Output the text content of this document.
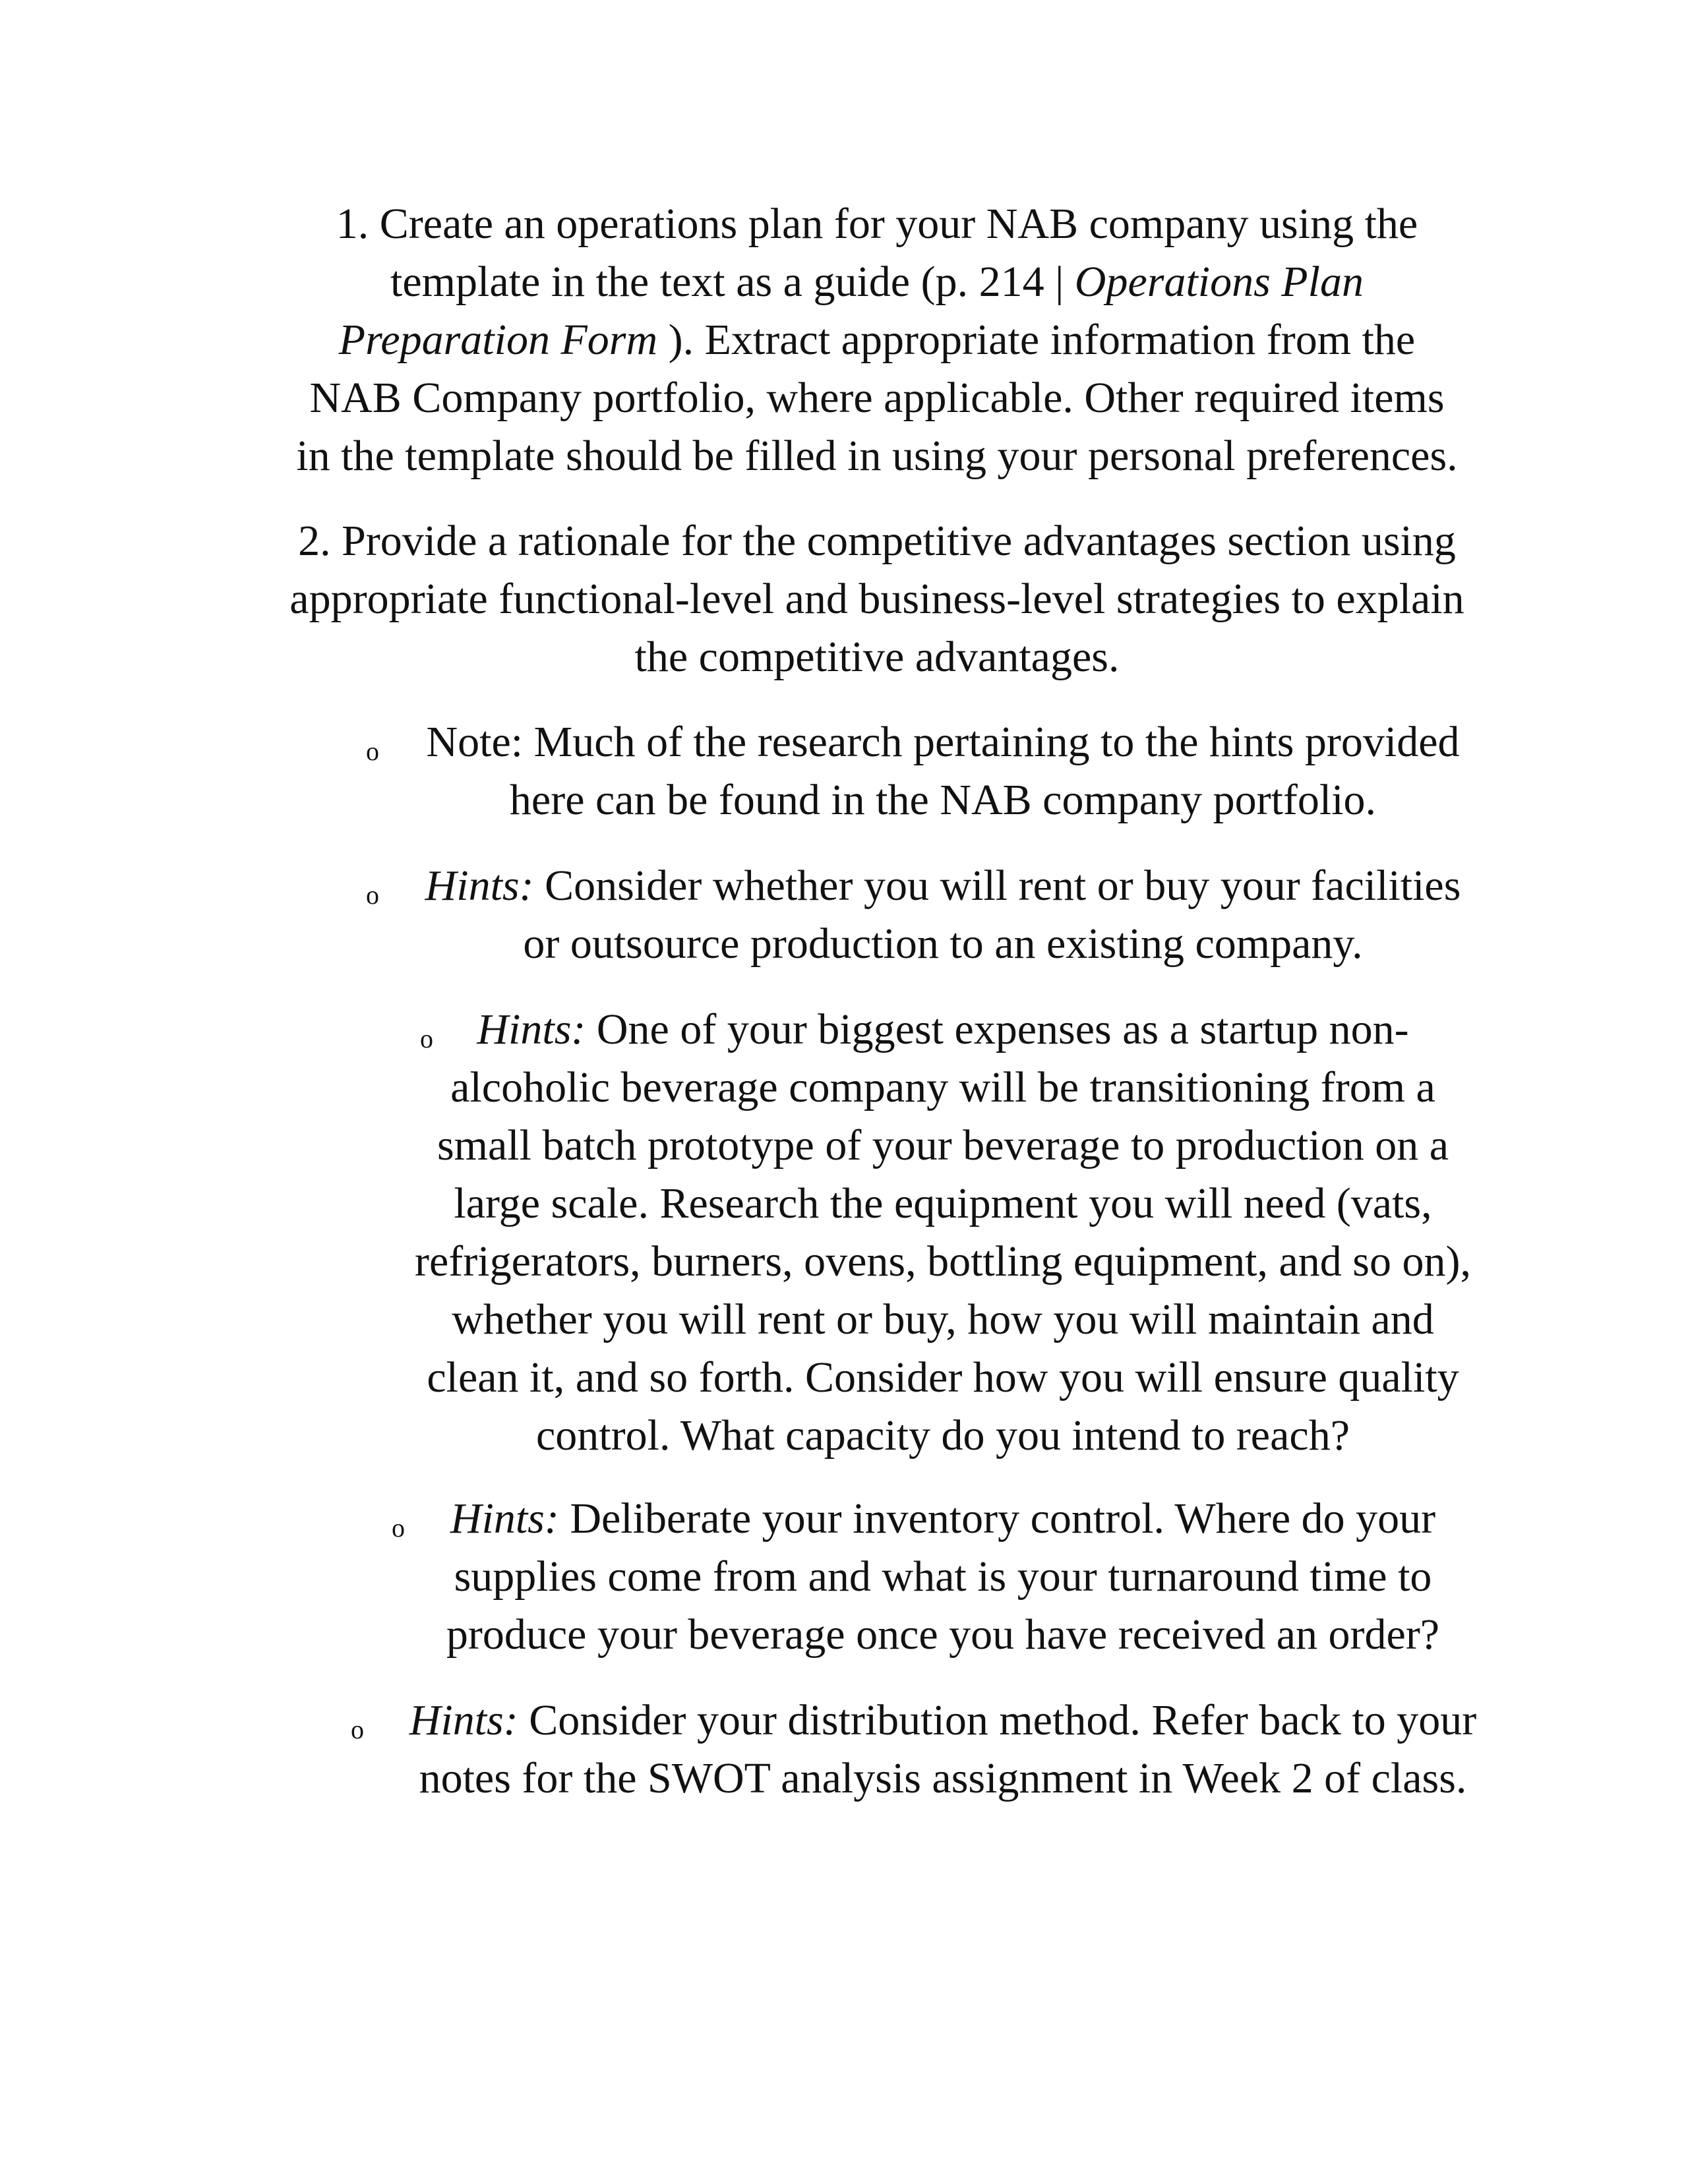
1. Create an operations plan for your NAB company using the
template in the text as a guide (p. 214 | Operations Plan
Preparation Form ). Extract appropriate information from the
NAB Company portfolio, where applicable. Other required items
in the template should be filled in using your personal preferences.
2. Provide a rationale for the competitive advantages section using
appropriate functional-level and business-level strategies to explain
the competitive advantages.
o	Note: Much of the research pertaining to the hints provided
here can be found in the NAB company portfolio.
o	Hints: Consider whether you will rent or buy your facilities
or outsource production to an existing company.
o	Hints: One of your biggest expenses as a startup non-
alcoholic beverage company will be transitioning from a
small batch prototype of your beverage to production on a
large scale. Research the equipment you will need (vats,
refrigerators, burners, ovens, bottling equipment, and so on),
whether you will rent or buy, how you will maintain and
clean it, and so forth. Consider how you will ensure quality
control. What capacity do you intend to reach?
o	Hints: Deliberate your inventory control. Where do your
supplies come from and what is your turnaround time to
produce your beverage once you have received an order?
o	Hints: Consider your distribution method. Refer back to your
notes for the SWOT analysis assignment in Week 2 of class.
